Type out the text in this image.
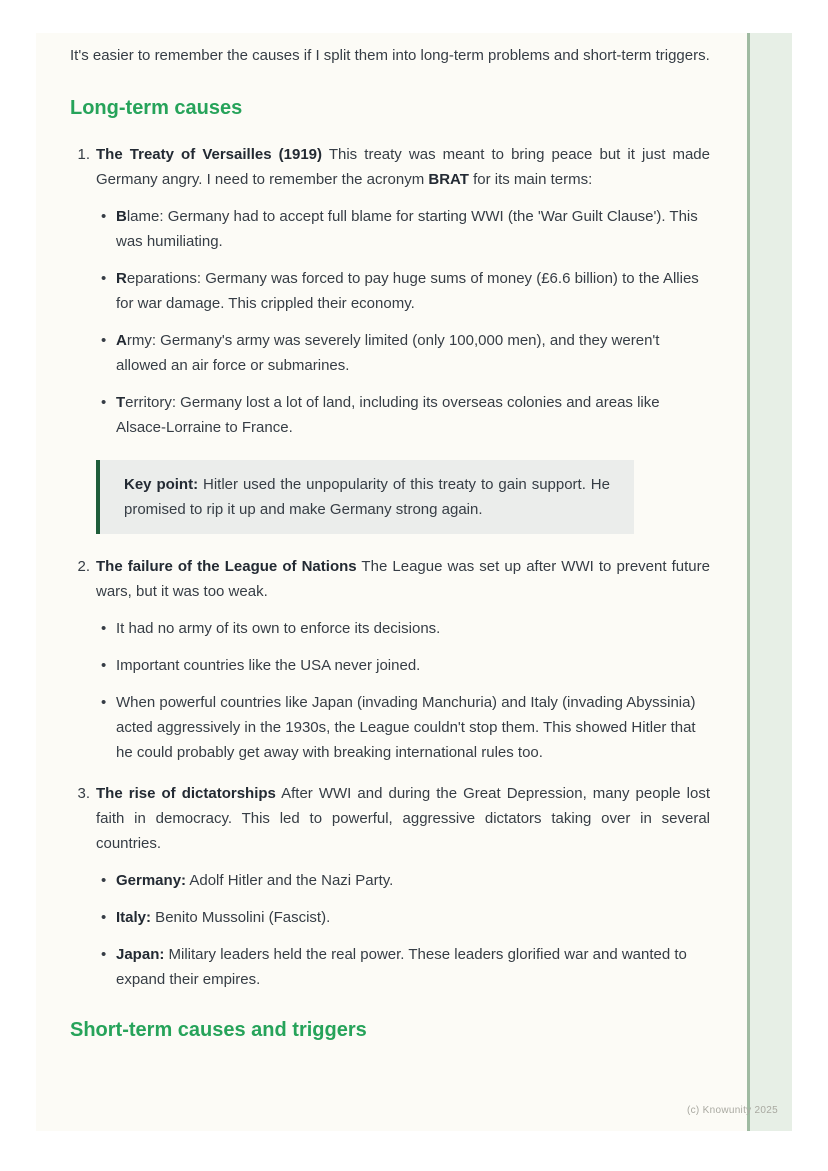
It's easier to remember the causes if I split them into long-term problems and short-term triggers.

Long-term causes
1. The Treaty of Versailles (1919) This treaty was meant to bring peace but it just made Germany angry. I need to remember the acronym BRAT for its main terms:

• Blame: Germany had to accept full blame for starting WWI (the 'War Guilt Clause'). This was humiliating.

• Reparations: Germany was forced to pay huge sums of money (£6.6 billion) to the Allies for war damage. This crippled their economy.

• Army: Germany's army was severely limited (only 100,000 men), and they weren't allowed an air force or submarines.

• Territory: Germany lost a lot of land, including its overseas colonies and areas like Alsace-Lorraine to France.

Key point: Hitler used the unpopularity of this treaty to gain support. He promised to rip it up and make Germany strong again.

2. The failure of the League of Nations The League was set up after WWI to prevent future wars, but it was too weak.

• It had no army of its own to enforce its decisions.

• Important countries like the USA never joined.

• When powerful countries like Japan (invading Manchuria) and Italy (invading Abyssinia) acted aggressively in the 1930s, the League couldn't stop them. This showed Hitler that he could probably get away with breaking international rules too.

3. The rise of dictatorships After WWI and during the Great Depression, many people lost faith in democracy. This led to powerful, aggressive dictators taking over in several countries.

• Germany: Adolf Hitler and the Nazi Party.

• Italy: Benito Mussolini (Fascist).

• Japan: Military leaders held the real power. These leaders glorified war and wanted to expand their empires.

Short-term causes and triggers
(c) Knowunity 2025
